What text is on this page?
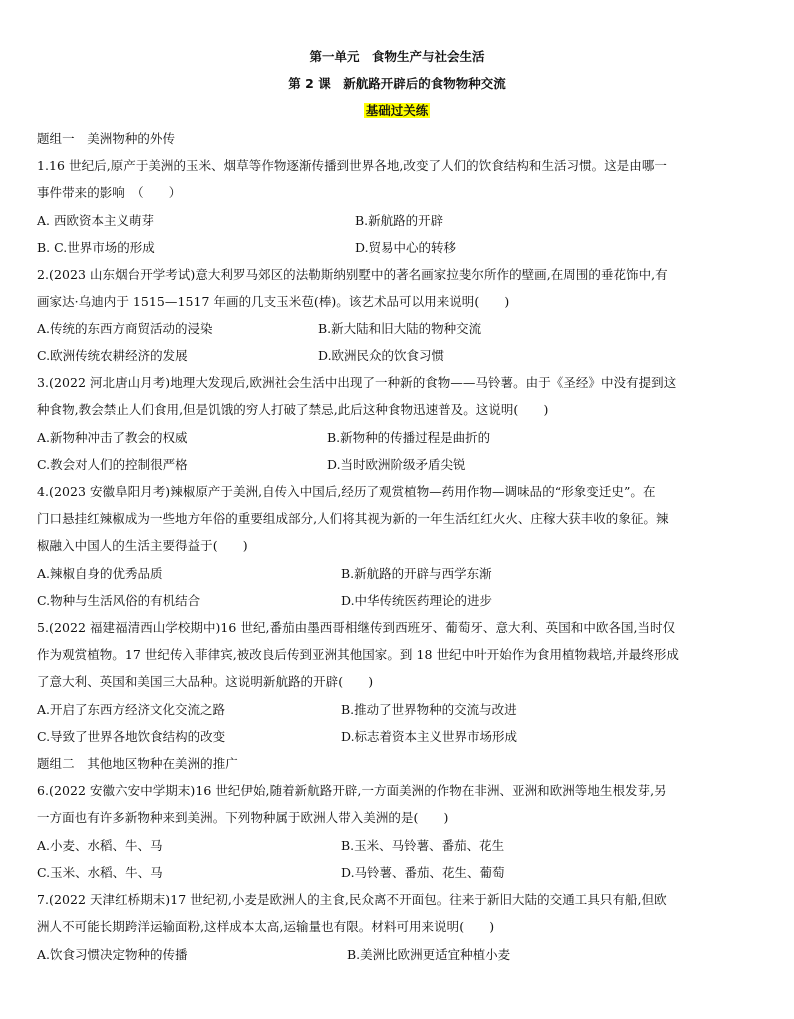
第一单元　食物生产与社会生活
第 2 课　新航路开辟后的食物物种交流
基础过关练
题组一　美洲物种的外传
1.16 世纪后,原产于美洲的玉米、烟草等作物逐渐传播到世界各地,改变了人们的饮食结构和生活习惯。这是由哪一
事件带来的影响　（　　）
A. 西欧资本主义萌芽	B.新航路的开辟
B. C.世界市场的形成	D.贸易中心的转移
2.(2023 山东烟台开学考试)意大利罗马郊区的法勒斯纳别墅中的著名画家拉斐尔所作的壁画,在周围的垂花饰中,有
画家达·乌迪内于 1515—1517 年画的几支玉米苞(棒)。该艺术品可以用来说明(　　)
A.传统的东西方商贸活动的浸染	B.新大陆和旧大陆的物种交流
C.欧洲传统农耕经济的发展	D.欧洲民众的饮食习惯
3.(2022 河北唐山月考)地理大发现后,欧洲社会生活中出现了一种新的食物——马铃薯。由于《圣经》中没有提到这
种食物,教会禁止人们食用,但是饥饿的穷人打破了禁忌,此后这种食物迅速普及。这说明(　　)
A.新物种冲击了教会的权威	B.新物种的传播过程是曲折的
C.教会对人们的控制很严格	D.当时欧洲阶级矛盾尖锐
4.(2023 安徽阜阳月考)辣椒原产于美洲,自传入中国后,经历了观赏植物—药用作物—调味品的“形象变迁史”。在
门口悬挂红辣椒成为一些地方年俗的重要组成部分,人们将其视为新的一年生活红红火火、庄稼大获丰收的象征。辣
椒融入中国人的生活主要得益于(　　)
A.辣椒自身的优秀品质	B.新航路的开辟与西学东渐
C.物种与生活风俗的有机结合	D.中华传统医药理论的进步
5.(2022 福建福清西山学校期中)16 世纪,番茄由墨西哥相继传到西班牙、葡萄牙、意大利、英国和中欧各国,当时仅
作为观赏植物。17 世纪传入菲律宾,被改良后传到亚洲其他国家。到 18 世纪中叶开始作为食用植物栽培,并最终形成
了意大利、英国和美国三大品种。这说明新航路的开辟(　　)
A.开启了东西方经济文化交流之路	B.推动了世界物种的交流与改进
C.导致了世界各地饮食结构的改变	D.标志着资本主义世界市场形成
题组二　其他地区物种在美洲的推广
6.(2022 安徽六安中学期末)16 世纪伊始,随着新航路开辟,一方面美洲的作物在非洲、亚洲和欧洲等地生根发芽,另
一方面也有许多新物种来到美洲。下列物种属于欧洲人带入美洲的是(　　)
A.小麦、水稻、牛、马	B.玉米、马铃薯、番茄、花生
C.玉米、水稻、牛、马	D.马铃薯、番茄、花生、葡萄
7.(2022 天津红桥期末)17 世纪初,小麦是欧洲人的主食,民众离不开面包。往来于新旧大陆的交通工具只有船,但欧
洲人不可能长期跨洋运输面粉,这样成本太高,运输量也有限。材料可用来说明(　　)
A.饮食习惯决定物种的传播	B.美洲比欧洲更适宜种植小麦
